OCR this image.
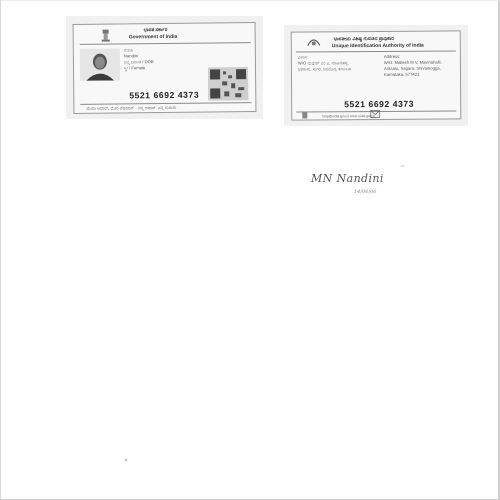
ಭಾರತ ಸರ್ಕಾರ
Government of India
ನಂದಿನಿ
Nandini
ಜನ್ಮ ದಿನಾಂಕ / DOB
ಸ್ತ್ರೀ / Female
5521 6692 4373
ಮೇರಾ ಆಧಾರ್, ಮೇರಿ ಪೆಹಚಾನ್ · ನನ್ನ ಆಧಾರ್, ನನ್ನ ಗುರುತು
ಭಾರತೀಯ ವಿಶಿಷ್ಟ ಗುರುತಿನ ಪ್ರಾಧಿಕಾರ
Unique Identification Authority of India
ವಿಳಾಸ:
W/O ಮಲ್ಲೇಶ್ ಎಂ ವಿ, ಮಾವಿನಹಳ್ಳಿ,
ಅರಸಾಳು, ಸಾಗರ, ಶಿವಮೊಗ್ಗ, ಕರ್ನಾಟಕ
Address:
W/O: Mallesh M V, Mavinahalli,
Arasalu, Sagara, Shivamogga,
Karnataka, 577421
5521 6692 4373
help@uidai.gov.in www.uidai.gov.in
MN Nandini
~
14/06/06
